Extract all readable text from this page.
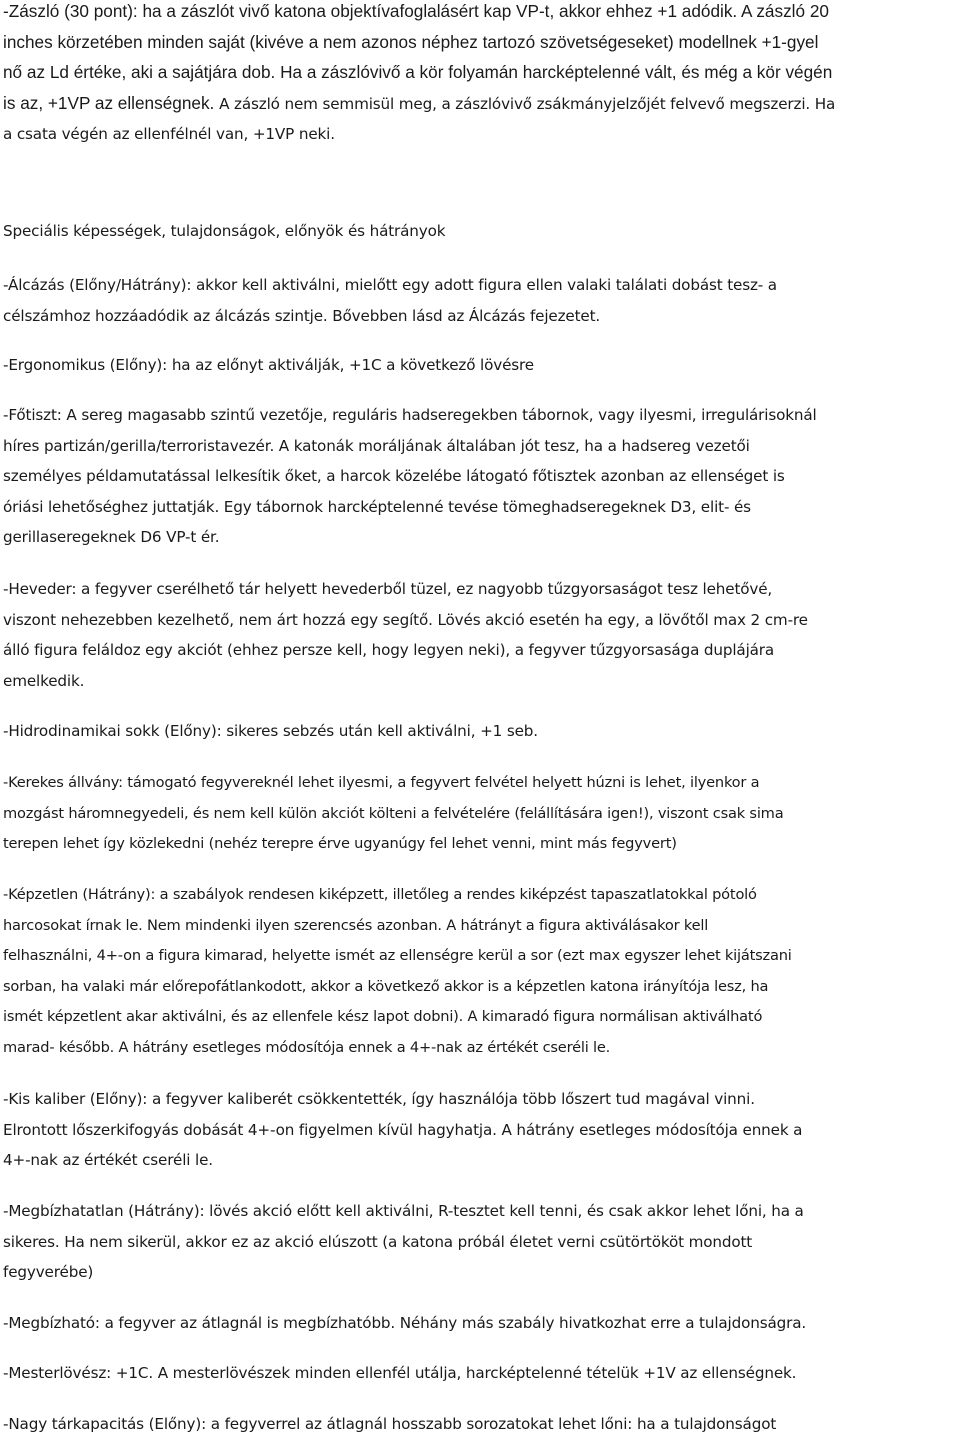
-Zászló (30 pont): ha a zászlót vivő katona objektívafoglalásért kap VP-t, akkor ehhez +1 adódik. A zászló 20
inches körzetében minden saját (kivéve a nem azonos néphez tartozó szövetségeseket) modellnek +1-gyel
nő az Ld értéke, aki a sajátjára dob. Ha a zászlóvivő a kör folyamán harcképtelenné vált, és még a kör végén
is az, +1VP az ellenségnek. A zászló nem semmisül meg, a zászlóvivő zsákmányjelzőjét felvevő megszerzi. Ha
a csata végén az ellenfélnél van, +1VP neki.
Speciális képességek, tulajdonságok, előnyök és hátrányok
-Álcázás (Előny/Hátrány): akkor kell aktiválni, mielőtt egy adott figura ellen valaki találati dobást tesz- a
célszámhoz hozzáadódik az álcázás szintje. Bővebben lásd az Álcázás fejezetet.
-Ergonomikus (Előny): ha az előnyt aktiválják, +1C a következő lövésre
-Főtiszt: A sereg magasabb szintű vezetője, reguláris hadseregekben tábornok, vagy ilyesmi, irregulárisoknál
híres partizán/gerilla/terroristavezér. A katonák moráljának általában jót tesz, ha a hadsereg vezetői
személyes példamutatással lelkesítik őket, a harcok közelébe látogató főtisztek azonban az ellenséget is
óriási lehetőséghez juttatják. Egy tábornok harcképtelenné tevése tömeghadseregeknek D3, elit- és
gerillaseregeknek D6 VP-t ér.
-Heveder: a fegyver cserélhető tár helyett hevederből tüzel, ez nagyobb tűzgyorsaságot tesz lehetővé,
viszont nehezebben kezelhető, nem árt hozzá egy segítő. Lövés akció esetén ha egy, a lövőtől max 2 cm-re
álló figura feláldoz egy akciót (ehhez persze kell, hogy legyen neki), a fegyver tűzgyorsasága duplájára
emelkedik.
-Hidrodinamikai sokk (Előny): sikeres sebzés után kell aktiválni, +1 seb.
-Kerekes állvány: támogató fegyvereknél lehet ilyesmi, a fegyvert felvétel helyett húzni is lehet, ilyenkor a
mozgást háromnegyedeli, és nem kell külön akciót költeni a felvételére (felállítására igen!), viszont csak sima
terepen lehet így közlekedni (nehéz terepre érve ugyanúgy fel lehet venni, mint más fegyvert)
-Képzetlen (Hátrány): a szabályok rendesen kiképzett, illetőleg a rendes kiképzést tapaszatlatokkal pótoló
harcosokat írnak le. Nem mindenki ilyen szerencsés azonban. A hátrányt a figura aktiválásakor kell
felhasználni, 4+-on a figura kimarad, helyette ismét az ellenségre kerül a sor (ezt max egyszer lehet kijátszani
sorban, ha valaki már előrepofátlankodott, akkor a következő akkor is a képzetlen katona irányítója lesz, ha
ismét képzetlent akar aktiválni, és az ellenfele kész lapot dobni). A kimaradó figura normálisan aktiválható
marad- később. A hátrány esetleges módosítója ennek a 4+-nak az értékét cseréli le.
-Kis kaliber (Előny): a fegyver kaliberét csökkentették, így használója több lőszert tud magával vinni.
Elrontott lőszerkifogyás dobását 4+-on figyelmen kívül hagyhatja. A hátrány esetleges módosítója ennek a
4+-nak az értékét cseréli le.
-Megbízhatatlan (Hátrány): lövés akció előtt kell aktiválni, R-tesztet kell tenni, és csak akkor lehet lőni, ha a
sikeres. Ha nem sikerül, akkor ez az akció elúszott (a katona próbál életet verni csütörtököt mondott
fegyverébe)
-Megbízható: a fegyver az átlagnál is megbízhatóbb. Néhány más szabály hivatkozhat erre a tulajdonságra.
-Mesterlövész: +1C. A mesterlövészek minden ellenfél utálja, harcképtelenné tételük +1V az ellenségnek.
-Nagy tárkapacitás (Előny): a fegyverrel az átlagnál hosszabb sorozatokat lehet lőni: ha a tulajdonságot
